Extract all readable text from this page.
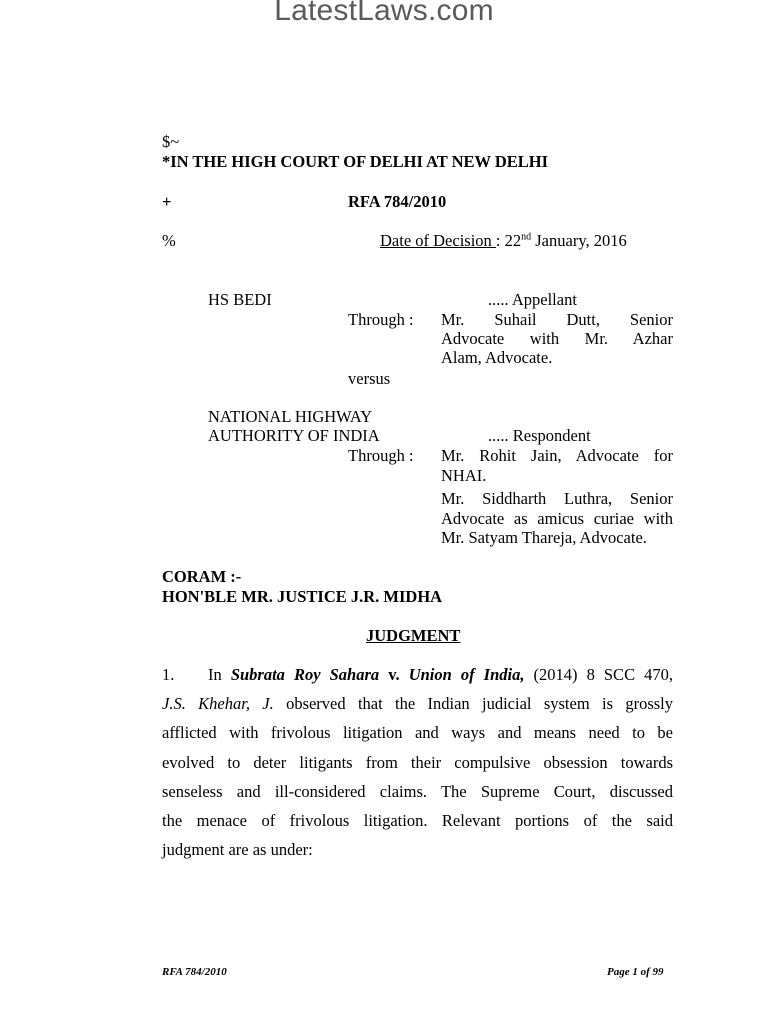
LatestLaws.com
$~
*IN THE HIGH COURT OF DELHI AT NEW DELHI
+	RFA 784/2010
%	Date of Decision : 22nd January, 2016
HS BEDI	..... Appellant
Through : Mr. Suhail Dutt, Senior
Advocate with Mr. Azhar
Alam, Advocate.
versus
NATIONAL HIGHWAY
AUTHORITY OF INDIA	..... Respondent
Through : Mr. Rohit Jain, Advocate for
NHAI.
Mr. Siddharth Luthra, Senior
Advocate as amicus curiae with
Mr. Satyam Thareja, Advocate.
CORAM :-
HON'BLE MR. JUSTICE J.R. MIDHA
JUDGMENT
1. In Subrata Roy Sahara v. Union of India, (2014) 8 SCC 470,
J.S. Khehar, J. observed that the Indian judicial system is grossly
afflicted with frivolous litigation and ways and means need to be
evolved to deter litigants from their compulsive obsession towards
senseless and ill-considered claims. The Supreme Court, discussed
the menace of frivolous litigation. Relevant portions of the said
judgment are as under:
RFA 784/2010	Page 1 of 99
